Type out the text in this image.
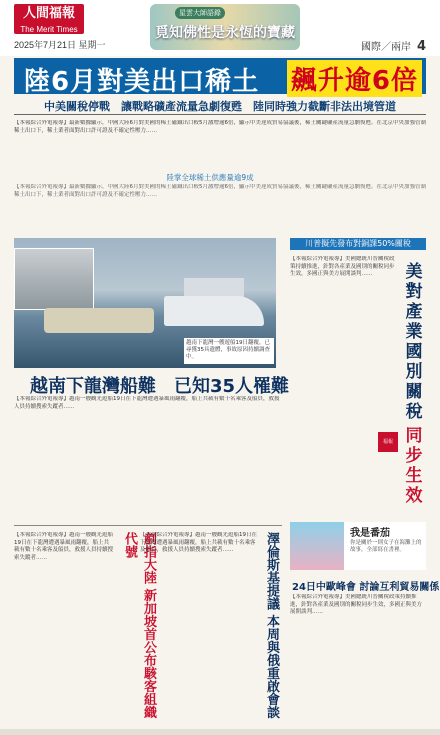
人間福報
The Merit Times
2025年7月21日 星期一
星雲大師語錄
覓知佛性是永恆的寶藏
國際／兩岸 4
陸6月對美出口稀土 飆升逾6倍
中美關稅停戰　讓戰略礦產流量急劇復甦　陸同時強力截斷非法出境管道
【本報綜合外電報導】最新數據顯示，中國大陸6月對美國的稀土磁鐵出口較5月激增逾6倍，顯示中美達成貿易協議後，稀土關鍵礦產流量急劇復甦。在北京中央加強管制稀土出口下，稀土業者面對出口許可證及不確定性壓力……
陸掌全球稀土供應量逾9成
【本報綜合外電報導】最新數據顯示，中國大陸6月對美國的稀土磁鐵出口較5月激增逾6倍，顯示中美達成貿易協議後，稀土關鍵礦產流量急劇復甦。在北京中央加強管制稀土出口下，稀土業者面對出口許可證及不確定性壓力……
越南下龍灣一艘遊船19日翻覆，已尋獲35具遺體，事故原因持續調查中。
越南下龍灣船難　已知35人罹難
【本報綜合外電報導】越南一艘觀光遊船19日在下龍灣遭遇暴風雨翻覆，船上共載有數十名乘客及船員，救援人員持續搜索失蹤者……
剷指大陸 新加坡首公布駭客組織代號
【本報綜合外電報導】越南一艘觀光遊船19日在下龍灣遭遇暴風雨翻覆，船上共載有數十名乘客及船員，救援人員持續搜索失蹤者……	澤倫斯基提議 本周與俄重啟會談
【本報綜合外電報導】越南一艘觀光遊船19日在下龍灣遭遇暴風雨翻覆，船上共載有數十名乘客及船員，救援人員持續搜索失蹤者……
川普擬先發布對銅課50%關稅
美對產業國別關稅
【本報綜合外電報導】美國總統川普關稅政策持續推進，針對各產業及國別的關稅同步生效，多國正與美方展開談判……
福報 同步生效
我是番茄
你是關於一則女子在海灘上的故事，全部寫在書裡。
24日中歐峰會 討論互利貿易關係
【本報綜合外電報導】美國總統川普關稅政策持續推進，針對各產業及國別的關稅同步生效，多國正與美方展開談判……
